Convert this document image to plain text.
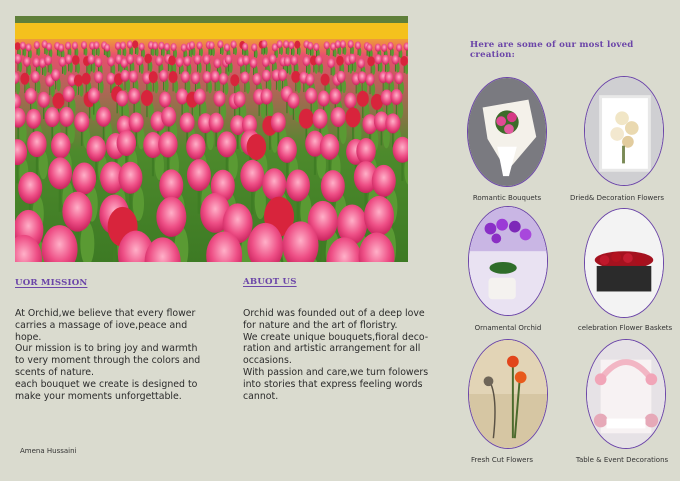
UOR MISSION
At Orchid,we believe that every flower
carries a massage of iove,peace and
hope.
Our mission is to bring joy and warmth
to very moment through the colors and
scents of nature.
each bouquet we create is designed to
make your moments unforgettable.
ABUOT US
Orchid was founded out of a deep love
for nature and the art of floristry.
We create unique bouquets,fioral deco-
ration and artistic arrangement for all
occasions.
With passion and care,we turn folowers
into stories that express feeling words
cannot.
Amena Hussaini
Here are some of our most loved creation:
Romantic Bouquets	Dried& Decoration Flowers
Ornamental Orchid	celebration Flower Baskets
Fresh Cut Flowers	Table & Event Decorations
